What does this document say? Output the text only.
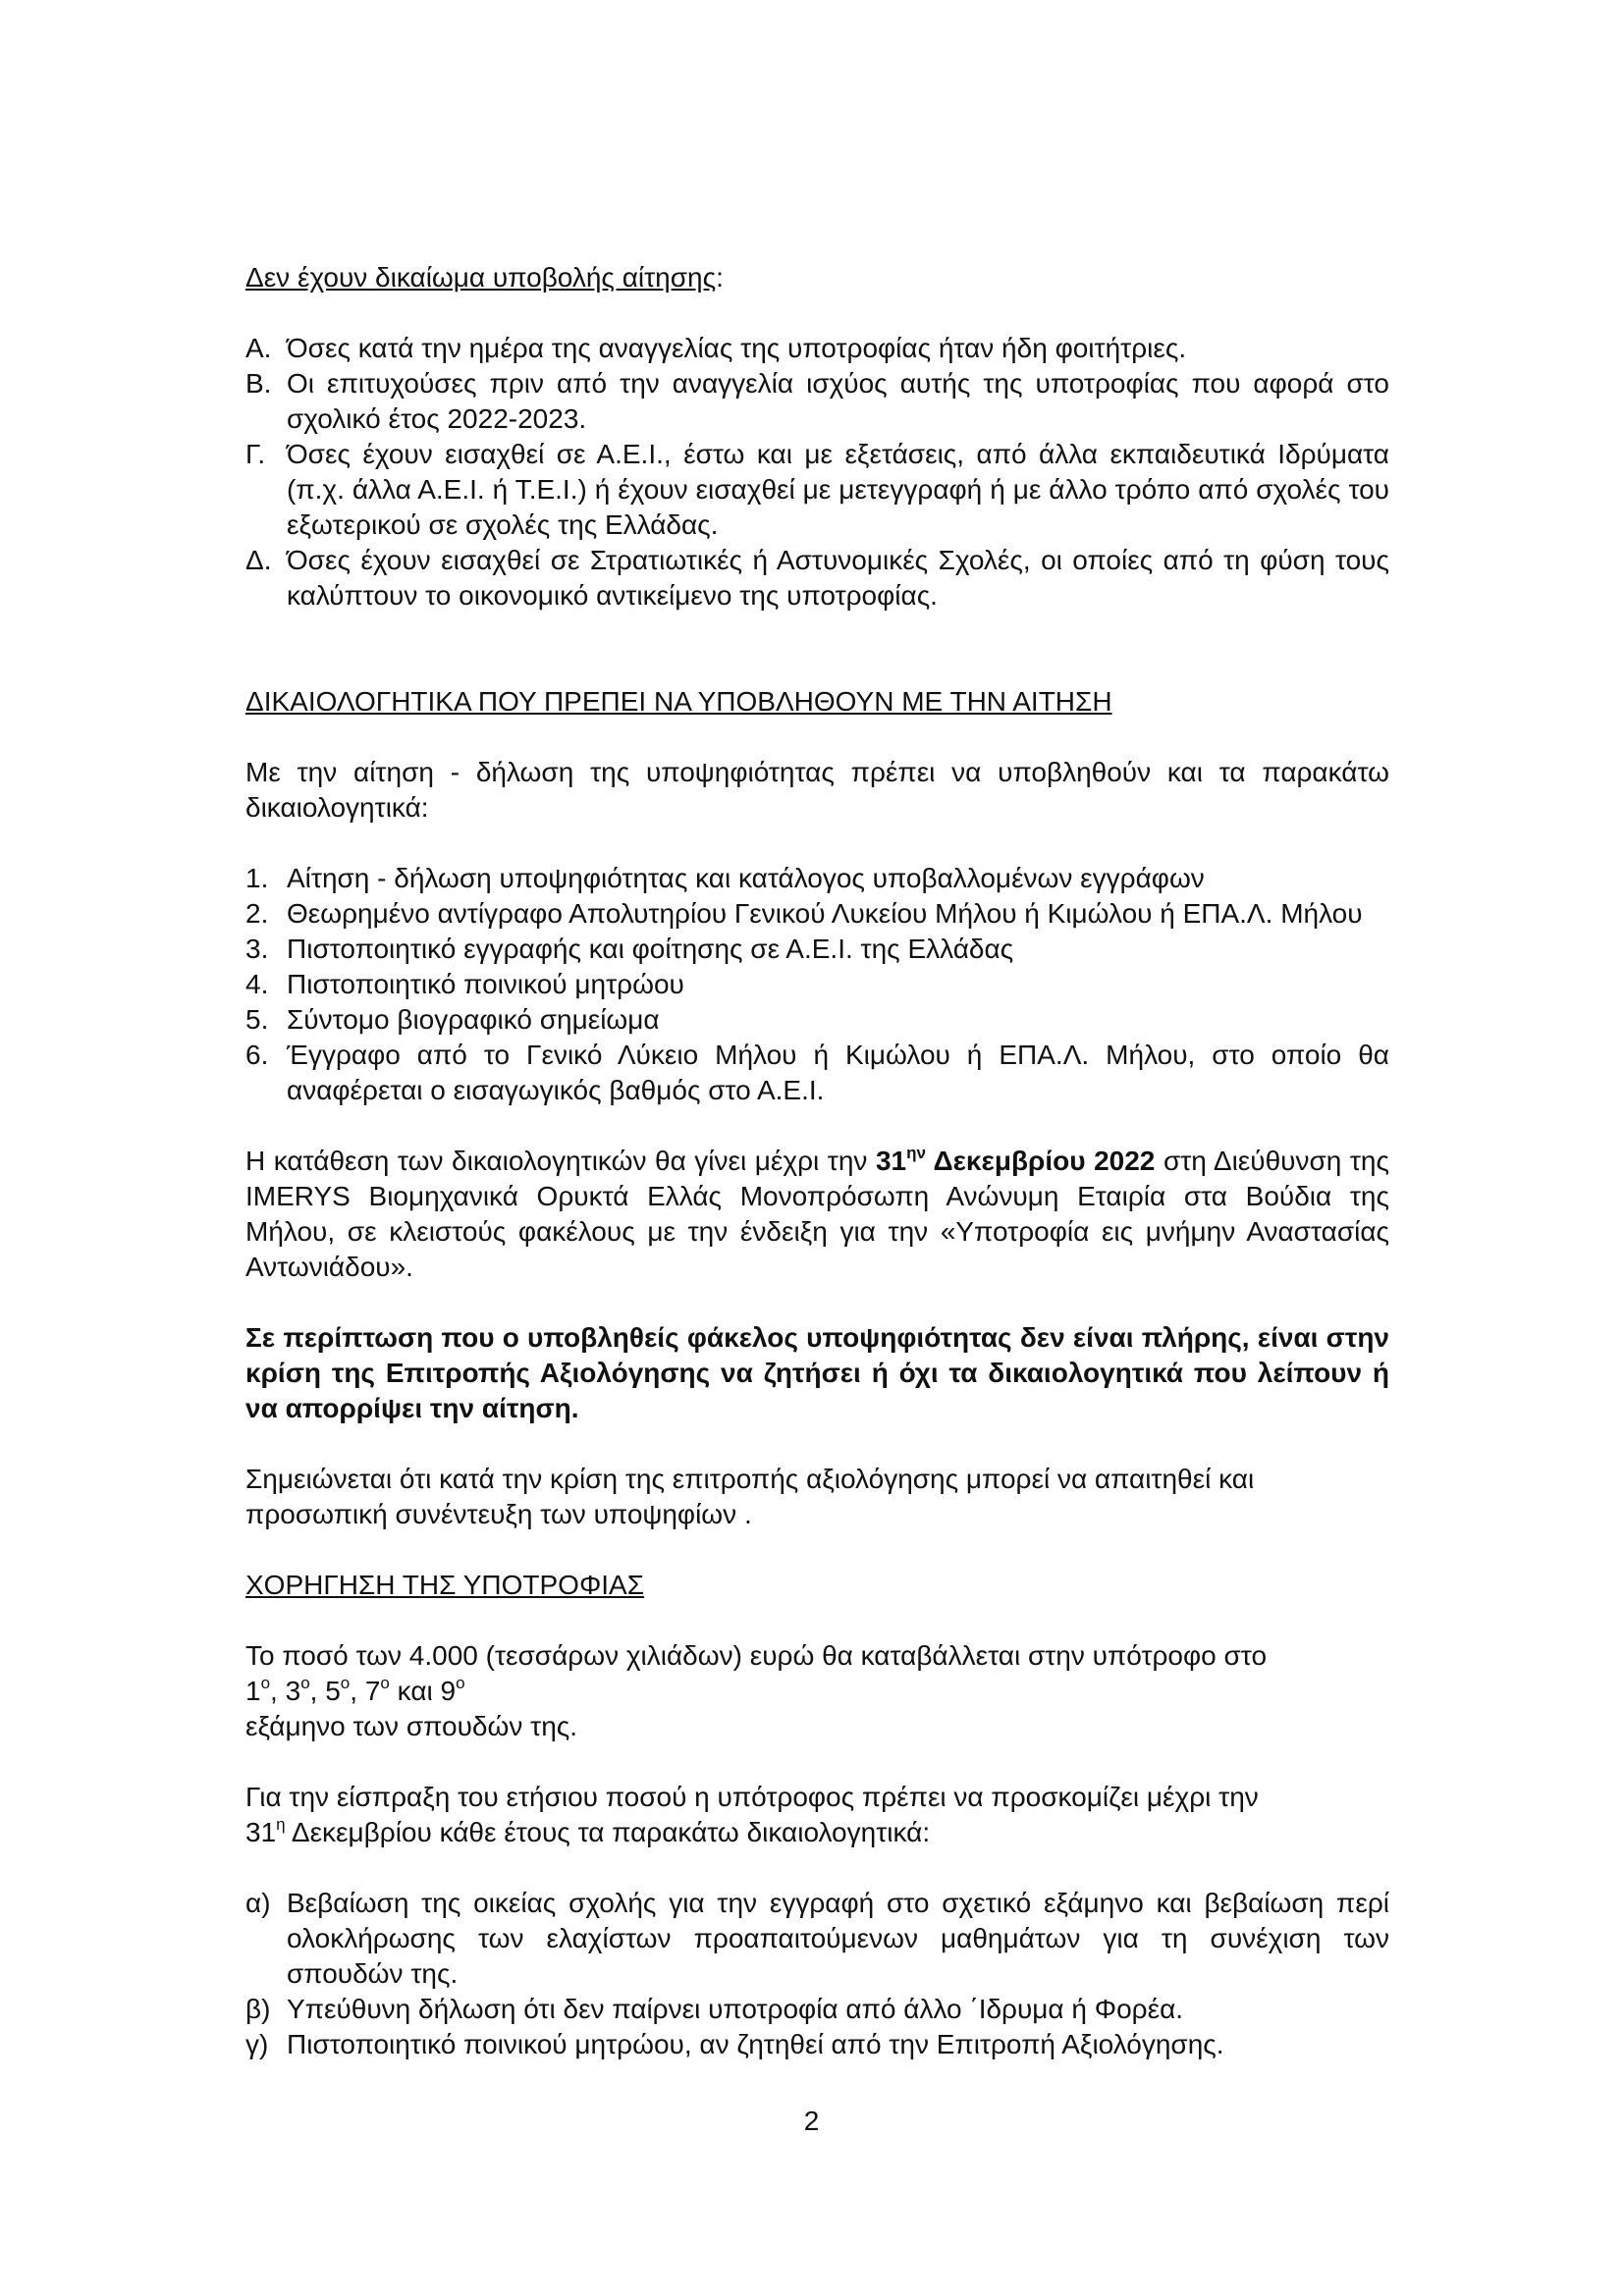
Δεν έχουν δικαίωμα υποβολής αίτησης:

Α. Όσες κατά την ημέρα της αναγγελίας της υποτροφίας ήταν ήδη φοιτήτριες.
Β. Οι επιτυχούσες πριν από την αναγγελία ισχύος αυτής της υποτροφίας που αφορά στο σχολικό έτος 2022-2023.
Γ. Όσες έχουν εισαχθεί σε Α.Ε.Ι., έστω και με εξετάσεις, από άλλα εκπαιδευτικά Ιδρύματα (π.χ. άλλα Α.Ε.Ι. ή Τ.Ε.Ι.) ή έχουν εισαχθεί με μετεγγραφή ή με άλλο τρόπο από σχολές του εξωτερικού σε σχολές της Ελλάδας.
Δ. Όσες έχουν εισαχθεί σε Στρατιωτικές ή Αστυνομικές Σχολές, οι οποίες από τη φύση τους καλύπτουν το οικονομικό αντικείμενο της υποτροφίας.

ΔΙΚΑΙΟΛΟΓΗΤΙΚΑ ΠΟΥ ΠΡΕΠΕΙ ΝΑ ΥΠΟΒΛΗΘΟΥΝ ΜΕ ΤΗΝ ΑΙΤΗΣΗ

Με την αίτηση - δήλωση της υποψηφιότητας πρέπει να υποβληθούν και τα παρακάτω δικαιολογητικά:

1. Αίτηση - δήλωση υποψηφιότητας και κατάλογος υποβαλλομένων εγγράφων
2. Θεωρημένο αντίγραφο Απολυτηρίου Γενικού Λυκείου Μήλου ή Κιμώλου ή ΕΠΑ.Λ. Μήλου
3. Πιστοποιητικό εγγραφής και φοίτησης σε Α.Ε.Ι. της Ελλάδας
4. Πιστοποιητικό ποινικού μητρώου
5. Σύντομο βιογραφικό σημείωμα
6. Έγγραφο από το Γενικό Λύκειο Μήλου ή Κιμώλου ή ΕΠΑ.Λ. Μήλου, στο οποίο θα αναφέρεται ο εισαγωγικός βαθμός στο Α.Ε.Ι.

Η κατάθεση των δικαιολογητικών θα γίνει μέχρι την $31^{\eta\nu}$ Δεκεμβρίου 2022 στη Διεύθυνση της IMERYS Βιομηχανικά Ορυκτά Ελλάς Μονοπρόσωπη Ανώνυμη Εταιρία στα Βούδια της Μήλου, σε κλειστούς φακέλους με την ένδειξη για την «Υποτροφία εις μνήμην Αναστασίας Αντωνιάδου».

Σε περίπτωση που ο υποβληθείς φάκελος υποψηφιότητας δεν είναι πλήρης, είναι στην κρίση της Επιτροπής Αξιολόγησης να ζητήσει ή όχι τα δικαιολογητικά που λείπουν ή να απορρίψει την αίτηση.

Σημειώνεται ότι κατά την κρίση της επιτροπής αξιολόγησης μπορεί να απαιτηθεί και προσωπική συνέντευξη των υποψηφίων .

ΧΟΡΗΓΗΣΗ ΤΗΣ ΥΠΟΤΡΟΦΙΑΣ

Το ποσό των 4.000 (τεσσάρων χιλιάδων) ευρώ θα καταβάλλεται στην υπότροφο στο

$1^o$, $3^o$, $5^o$, $7^o$ και $9^o$

εξάμηνο των σπουδών της.

Για την είσπραξη του ετήσιου ποσού η υπότροφος πρέπει να προσκομίζει μέχρι την

$31^\eta$ Δεκεμβρίου κάθε έτους τα παρακάτω δικαιολογητικά:

α) Βεβαίωση της οικείας σχολής για την εγγραφή στο σχετικό εξάμηνο και βεβαίωση περί ολοκλήρωσης των ελαχίστων προαπαιτούμενων μαθημάτων για τη συνέχιση των σπουδών της.
β) Υπεύθυνη δήλωση ότι δεν παίρνει υποτροφία από άλλο ΄Ιδρυμα ή Φορέα.
γ) Πιστοποιητικό ποινικού μητρώου, αν ζητηθεί από την Επιτροπή Αξιολόγησης.
2
